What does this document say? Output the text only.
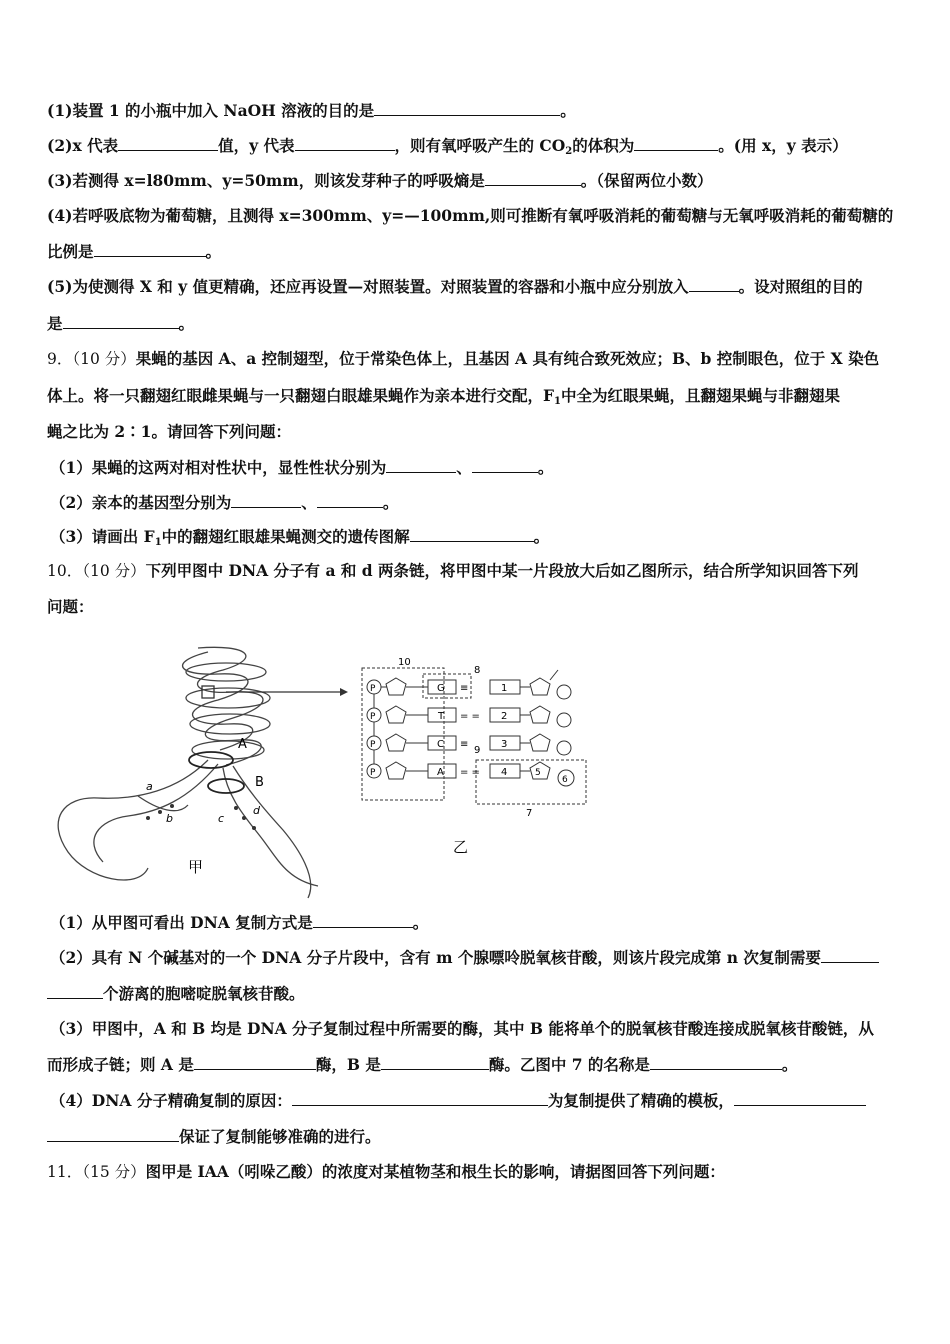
(1)装置 1 的小瓶中加入 NaOH 溶液的目的是	。
(2)x 代表	值，y 代表	，则有氧呼吸产生的 $CO_2$的体积为	。(用 x，y 表示）
(3)若测得 x=l80mm、y=50mm，则该发芽种子的呼吸熵是	。（保留两位小数）
(4)若呼吸底物为葡萄糖，且测得 x=300mm、y=—100mm,则可推断有氧呼吸消耗的葡萄糖与无氧呼吸消耗的葡萄糖的
比例是	。
(5)为使测得 X 和 y 值更精确，还应再设置—对照装置。对照装置的容器和小瓶中应分别放入	。设对照组的目的
是	。
9．（10 分）果蝇的基因 A、a 控制翅型，位于常染色体上，且基因 A 具有纯合致死效应；B、b 控制眼色，位于 X 染色
体上。将一只翻翅红眼雌果蝇与一只翻翅白眼雄果蝇作为亲本进行交配，$F_1$中全为红眼果蝇，且翻翅果蝇与非翻翅果
蝇之比为 2∶1。请回答下列问题：
（1）果蝇的这两对相对性状中，显性性状分别为	、	。
（2）亲本的基因型分别为	、	。
（3）请画出 $F_1$中的翻翅红眼雄果蝇测交的遗传图解	。
10．（10 分）下列甲图中 DNA 分子有 a 和 d 两条链，将甲图中某一片段放大后如乙图所示，结合所学知识回答下列
问题：
A
B
a
b	c
d
甲
10
8
7
9
P	G ≡	1
P	T = = 2
P	C ≡	3
P	A = = 4	5
6
乙
（1）从甲图可看出 DNA 复制方式是	。
（2）具有 N 个碱基对的一个 DNA 分子片段中，含有 m 个腺嘌呤脱氧核苷酸，则该片段完成第 n 次复制需要
个游离的胞嘧啶脱氧核苷酸。
（3）甲图中，A 和 B 均是 DNA 分子复制过程中所需要的酶，其中 B 能将单个的脱氧核苷酸连接成脱氧核苷酸链，从
而形成子链；则 A 是	酶，B 是	酶。乙图中 7 的名称是	。
（4）DNA 分子精确复制的原因：	为复制提供了精确的模板，
保证了复制能够准确的进行。
11．（15 分）图甲是 IAA（吲哚乙酸）的浓度对某植物茎和根生长的影响，请据图回答下列问题：
